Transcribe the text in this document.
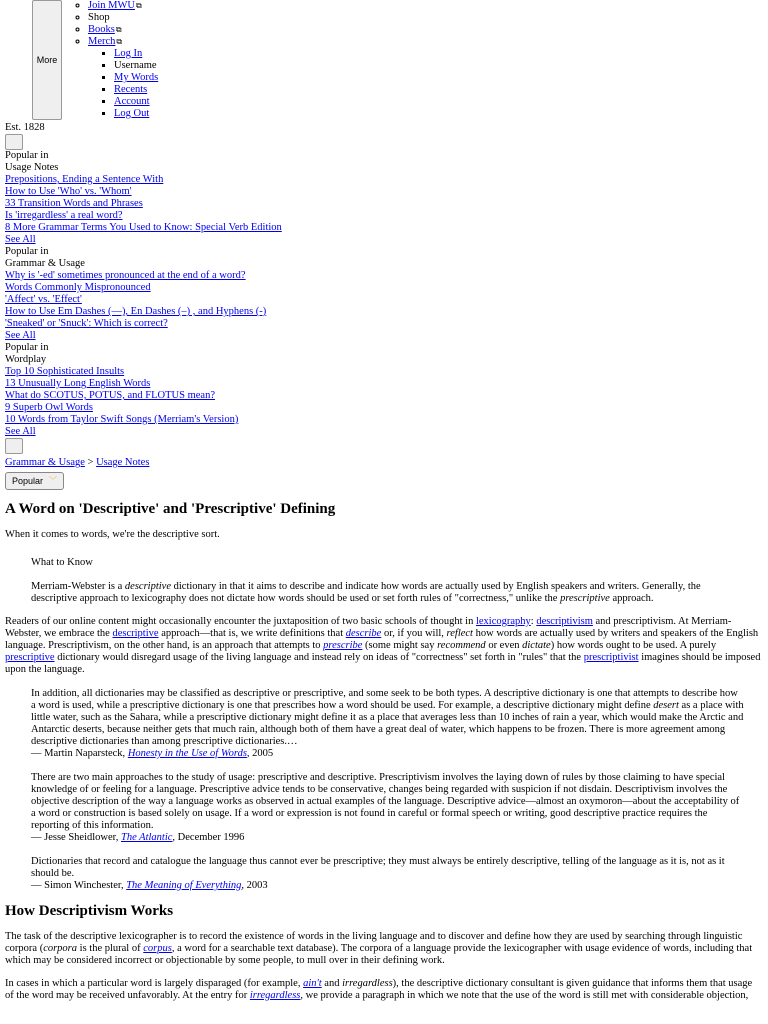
More
◦ Join MWU⧉
◦ Shop
◦ Books⧉
◦ Merch⧉
▪ Log In
▪ Username
▪ My Words
▪ Recents
▪ Account
▪ Log Out
Est. 1828
Popular in
Usage Notes
Prepositions, Ending a Sentence With
How to Use 'Who' vs. 'Whom'
33 Transition Words and Phrases
Is 'irregardless' a real word?
8 More Grammar Terms You Used to Know: Special Verb Edition
See All
Popular in
Grammar & Usage
Why is '-ed' sometimes pronounced at the end of a word?
Words Commonly Mispronounced
'Affect' vs. 'Effect'
How to Use Em Dashes (—), En Dashes (–) , and Hyphens (-)
'Sneaked' or 'Snuck': Which is correct?
See All
Popular in
Wordplay
Top 10 Sophisticated Insults
13 Unusually Long English Words
What do SCOTUS, POTUS, and FLOTUS mean?
9 Superb Owl Words
10 Words from Taylor Swift Songs (Merriam's Version)
See All
Grammar & Usage > Usage Notes
Popular ﹀
A Word on 'Descriptive' and 'Prescriptive' Defining

When it comes to words, we're the descriptive sort.

What to Know

Merriam-Webster is a descriptive dictionary in that it aims to describe and indicate how words are actually used by English speakers and writers. Generally, the descriptive approach to lexicography does not dictate how words should be used or set forth rules of "correctness," unlike the prescriptive approach.

Readers of our online content might occasionally encounter the juxtaposition of two basic schools of thought in lexicography: descriptivism and prescriptivism. At Merriam-Webster, we embrace the descriptive approach—that is, we write definitions that describe or, if you will, reflect how words are actually used by writers and speakers of the English language. Prescriptivism, on the other hand, is an approach that attempts to prescribe (some might say recommend or even dictate) how words ought to be used. A purely prescriptive dictionary would disregard usage of the living language and instead rely on ideas of "correctness" set forth in "rules" that the prescriptivist imagines should be imposed upon the language.

In addition, all dictionaries may be classified as descriptive or prescriptive, and some seek to be both types. A descriptive dictionary is one that attempts to describe how a word is used, while a prescriptive dictionary is one that prescribes how a word should be used. For example, a descriptive dictionary might define desert as a place with little water, such as the Sahara, while a prescriptive dictionary might define it as a place that averages less than 10 inches of rain a year, which would make the Arctic and Antarctic deserts, because neither gets that much rain, although both of them have a great deal of water, which happens to be frozen. There is more agreement among descriptive dictionaries than among prescriptive dictionaries.…
— Martin Naparsteck, Honesty in the Use of Words, 2005

There are two main approaches to the study of usage: prescriptive and descriptive. Prescriptivism involves the laying down of rules by those claiming to have special knowledge of or feeling for a language. Prescriptive advice tends to be conservative, changes being regarded with suspicion if not disdain. Descriptivism involves the objective description of the way a language works as observed in actual examples of the language. Descriptive advice—almost an oxymoron—about the acceptability of a word or construction is based solely on usage. If a word or expression is not found in careful or formal speech or writing, good descriptive practice requires the reporting of this information.
— Jesse Sheidlower, The Atlantic, December 1996

Dictionaries that record and catalogue the language thus cannot ever be prescriptive; they must always be entirely descriptive, telling of the language as it is, not as it should be.
— Simon Winchester, The Meaning of Everything, 2003

How Descriptivism Works

The task of the descriptive lexicographer is to record the existence of words in the living language and to discover and define how they are used by searching through linguistic corpora (corpora is the plural of corpus, a word for a searchable text database). The corpora of a language provide the lexicographer with usage evidence of words, including that which may be considered incorrect or objectionable by some people, to mull over in their defining work.

In cases in which a particular word is largely disparaged (for example, ain't and irregardless), the descriptive dictionary consultant is given guidance that informs them that usage of the word may be received unfavorably. At the entry for irregardless, we provide a paragraph in which we note that the use of the word is still met with considerable objection,
